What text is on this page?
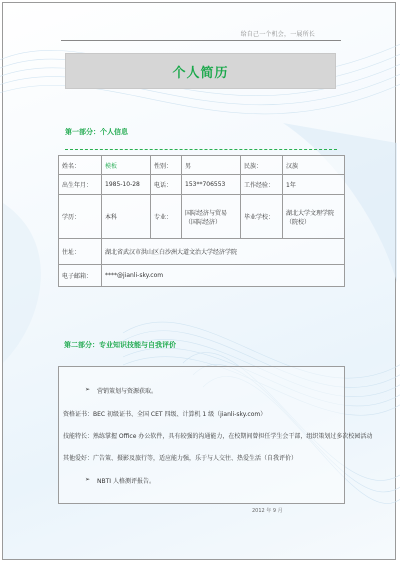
给自己一个机会，一展所长
个人简历
第一部分：个人信息
姓名：	模板	性别：	男	民族：	汉族
出生年月：	1985-10-28	电话：	153**706553	工作经验：	1年
学历：	本科	专业：	国际经济与贸易（国际经济）	毕业学校：	湖北大学文理学院（院校）
住址：	湖北省武汉市洪山区白沙洲大道文治大学经济学院				
电子邮箱：	****@jianli-sky.com				
第二部分：专业知识技能与自我评价
➢ 营销策划与资源获取。
资格证书：BEC 初级证书、全国 CET 四级、计算机 1 级（jianli-sky.com）
技能特长：熟练掌握 Office 办公软件，具有较强的沟通能力，在校期间曾担任学生会干部，组织策划过多次校园活动
其他爱好：广告策、摄影及旅行等，适应能力强，乐于与人交往、热爱生活（自我评价）
➢ NBTI 人格测评报告。
2012 年 9 月
